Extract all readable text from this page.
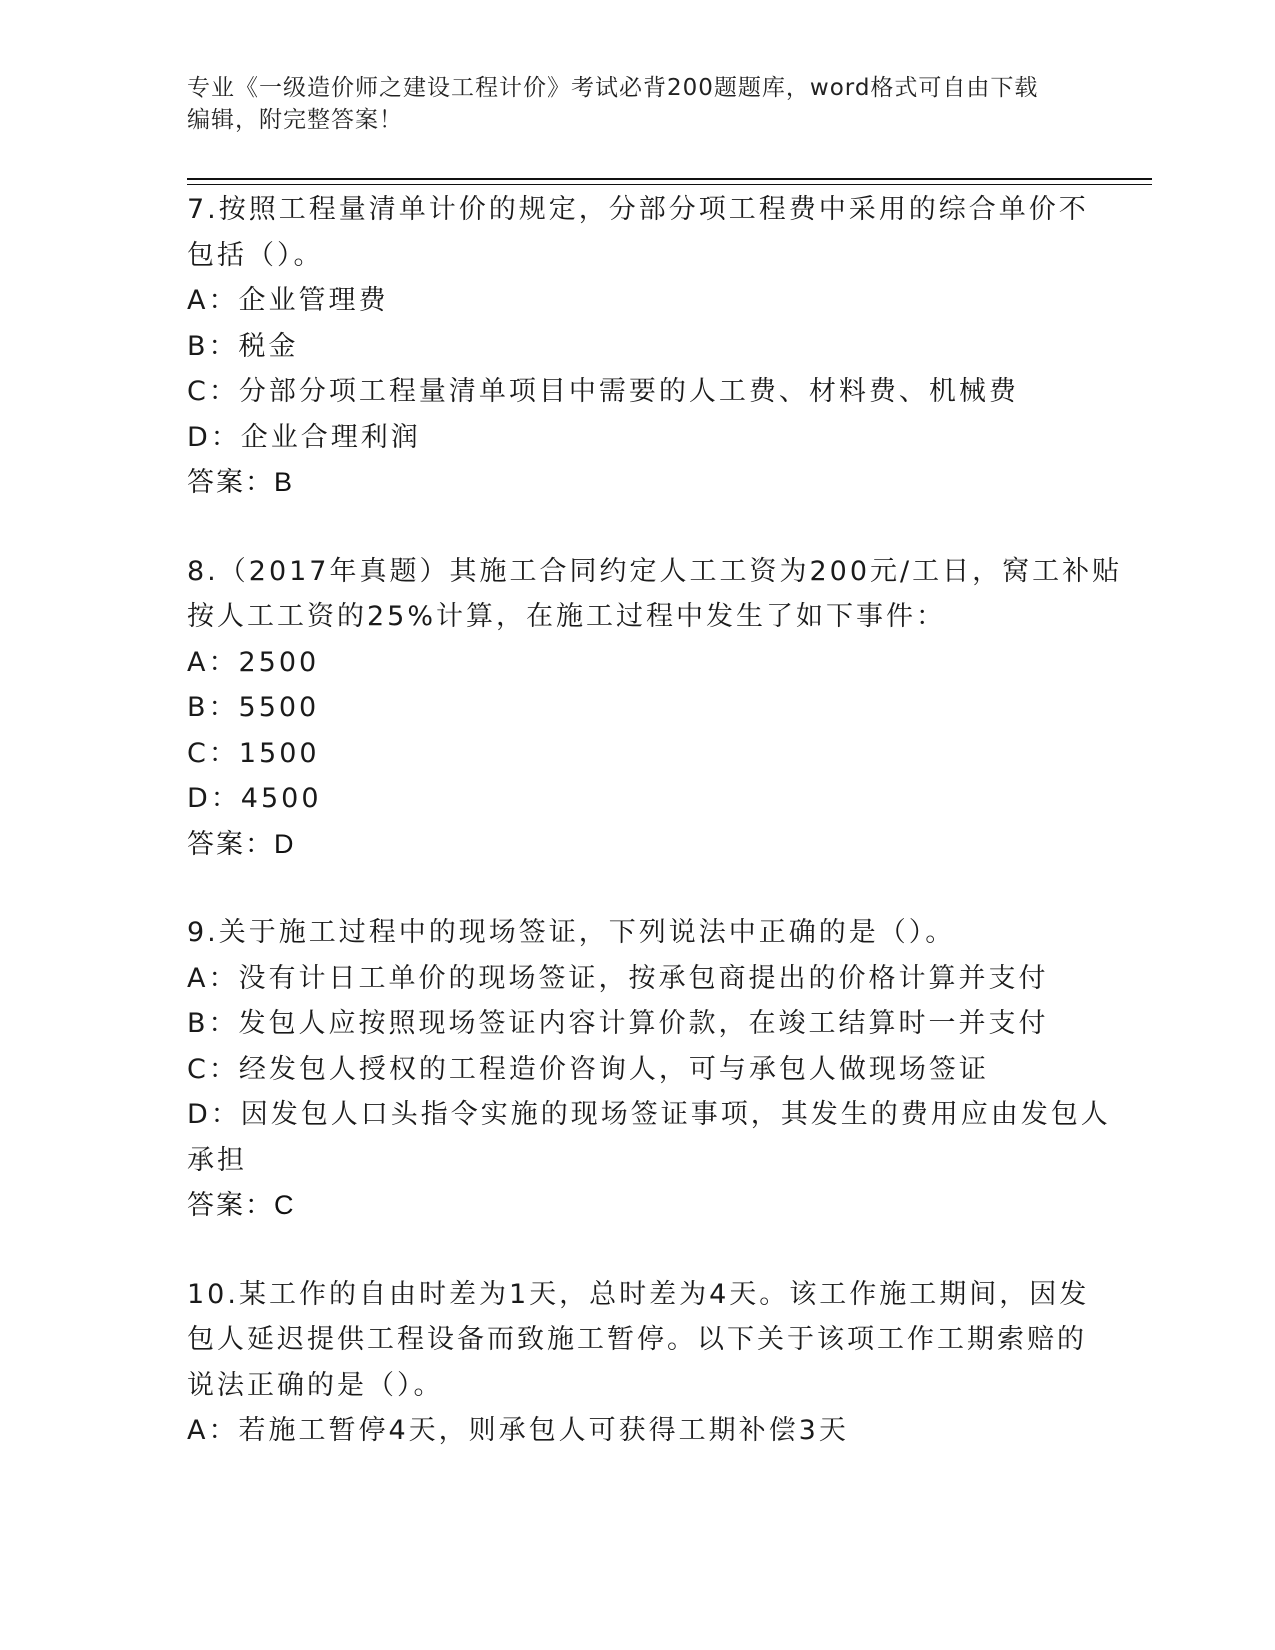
专业《一级造价师之建设工程计价》考试必背200题题库，word格式可自由下载
编辑，附完整答案！
7.按照工程量清单计价的规定，分部分项工程费中采用的综合单价不
包括（）。
A：企业管理费
B：税金
C：分部分项工程量清单项目中需要的人工费、材料费、机械费
D：企业合理利润
答案：B
8.（2017年真题）其施工合同约定人工工资为200元/工日，窝工补贴
按人工工资的25%计算，在施工过程中发生了如下事件：
A：2500
B：5500
C：1500
D：4500
答案：D
9.关于施工过程中的现场签证，下列说法中正确的是（）。
A：没有计日工单价的现场签证，按承包商提出的价格计算并支付
B：发包人应按照现场签证内容计算价款，在竣工结算时一并支付
C：经发包人授权的工程造价咨询人，可与承包人做现场签证
D：因发包人口头指令实施的现场签证事项，其发生的费用应由发包人
承担
答案：C
10.某工作的自由时差为1天，总时差为4天。该工作施工期间，因发
包人延迟提供工程设备而致施工暂停。以下关于该项工作工期索赔的
说法正确的是（）。
A：若施工暂停4天，则承包人可获得工期补偿3天
